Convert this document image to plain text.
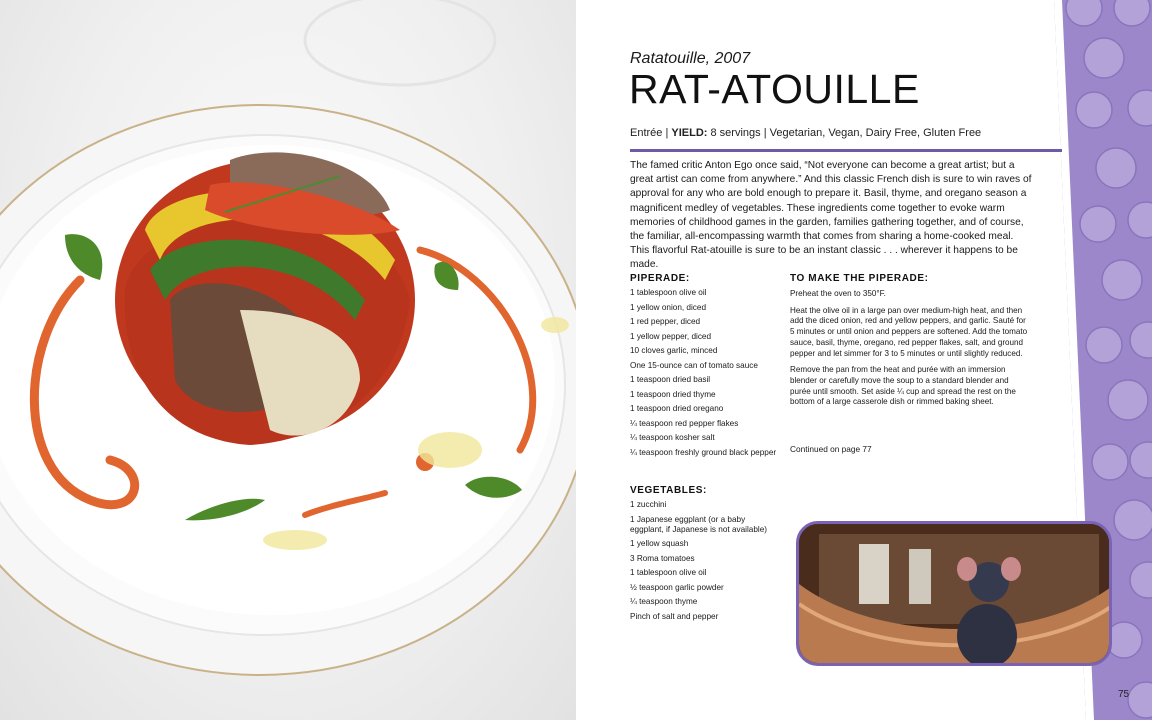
Ratatouille, 2007
RAT-ATOUILLE
Entrée | YIELD: 8 servings | Vegetarian, Vegan, Dairy Free, Gluten Free
The famed critic Anton Ego once said, “Not everyone can become a great artist; but a great artist can come from anywhere.” And this classic French dish is sure to win raves of approval for any who are bold enough to prepare it. Basil, thyme, and oregano season a magnificent medley of vegetables. These ingredients come together to evoke warm memories of childhood games in the garden, families gathering together, and of course, the familiar, all-encompassing warmth that comes from sharing a home-cooked meal. This flavorful Rat-atouille is sure to be an instant classic . . . wherever it happens to be made.
PIPERADE:
1 tablespoon olive oil
1 yellow onion, diced
1 red pepper, diced
1 yellow pepper, diced
10 cloves garlic, minced
One 15-ounce can of tomato sauce
1 teaspoon dried basil
1 teaspoon dried thyme
1 teaspoon dried oregano
¼ teaspoon red pepper flakes
¼ teaspoon kosher salt
¼ teaspoon freshly ground black pepper
VEGETABLES:
1 zucchini
1 Japanese eggplant (or a baby eggplant, if Japanese is not available)
1 yellow squash
3 Roma tomatoes
1 tablespoon olive oil
½ teaspoon garlic powder
¼ teaspoon thyme
Pinch of salt and pepper
TO MAKE THE PIPERADE:

Preheat the oven to 350°F.

Heat the olive oil in a large pan over medium-high heat, and then add the diced onion, red and yellow peppers, and garlic. Sauté for 5 minutes or until onion and peppers are softened. Add the tomato sauce, basil, thyme, oregano, red pepper flakes, salt, and ground pepper and let simmer for 3 to 5 minutes or until slightly reduced.

Remove the pan from the heat and purée with an immersion blender or carefully move the soup to a standard blender and purée until smooth. Set aside ¼ cup and spread the rest on the bottom of a large casserole dish or rimmed baking sheet.

Continued on page 77
75
